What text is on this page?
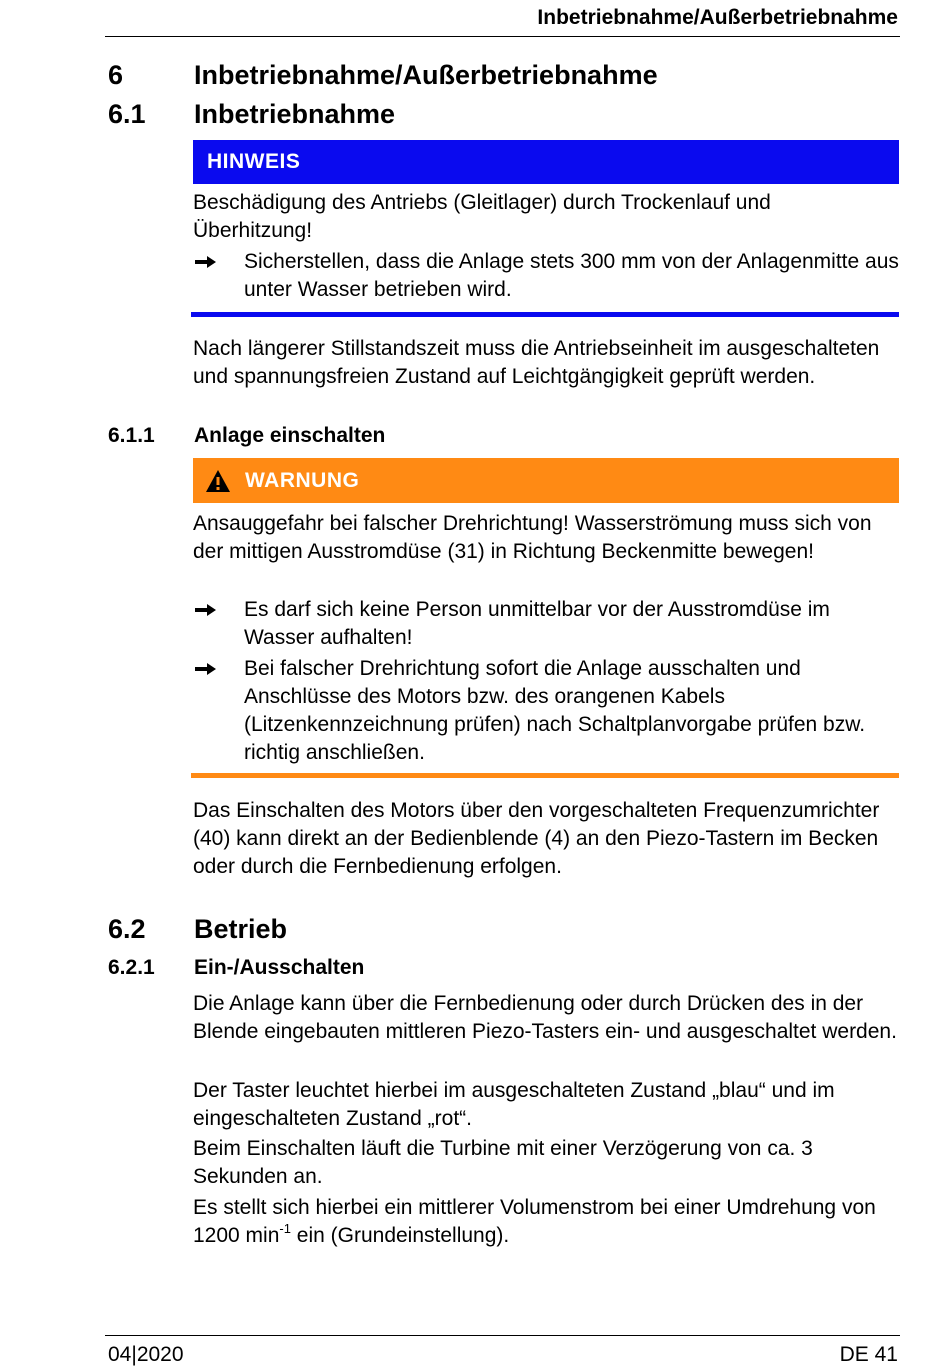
Inbetriebnahme/Außerbetriebnahme
6	Inbetriebnahme/Außerbetriebnahme
6.1 Inbetriebnahme
HINWEIS
Beschädigung des Antriebs (Gleitlager) durch Trockenlauf und Überhitzung!
Sicherstellen, dass die Anlage stets 300 mm von der Anlagenmitte aus unter Wasser betrieben wird.
Nach längerer Stillstandszeit muss die Antriebseinheit im ausgeschalteten und spannungsfreien Zustand auf Leichtgängigkeit geprüft werden.
6.1.1 Anlage einschalten
WARNUNG
Ansauggefahr bei falscher Drehrichtung! Wasserströmung muss sich von der mittigen Ausstromdüse (31) in Richtung Beckenmitte bewegen!
Es darf sich keine Person unmittelbar vor der Ausstromdüse im Wasser aufhalten!
Bei falscher Drehrichtung sofort die Anlage ausschalten und Anschlüsse des Motors bzw. des orangenen Kabels (Litzenkennzeichnung prüfen) nach Schaltplanvorgabe prüfen bzw. richtig anschließen.
Das Einschalten des Motors über den vorgeschalteten Frequenzumrichter (40) kann direkt an der Bedienblende (4) an den Piezo-Tastern im Becken oder durch die Fernbedienung erfolgen.
6.2 Betrieb
6.2.1 Ein-/Ausschalten
Die Anlage kann über die Fernbedienung oder durch Drücken des in der Blende eingebauten mittleren Piezo-Tasters ein- und ausgeschaltet werden.
Der Taster leuchtet hierbei im ausgeschalteten Zustand „blau“ und im eingeschalteten Zustand „rot“.
Beim Einschalten läuft die Turbine mit einer Verzögerung von ca. 3 Sekunden an.
Es stellt sich hierbei ein mittlerer Volumenstrom bei einer Umdrehung von 1200 $\min^{-1}$ ein (Grundeinstellung).
04|2020	DE 41
